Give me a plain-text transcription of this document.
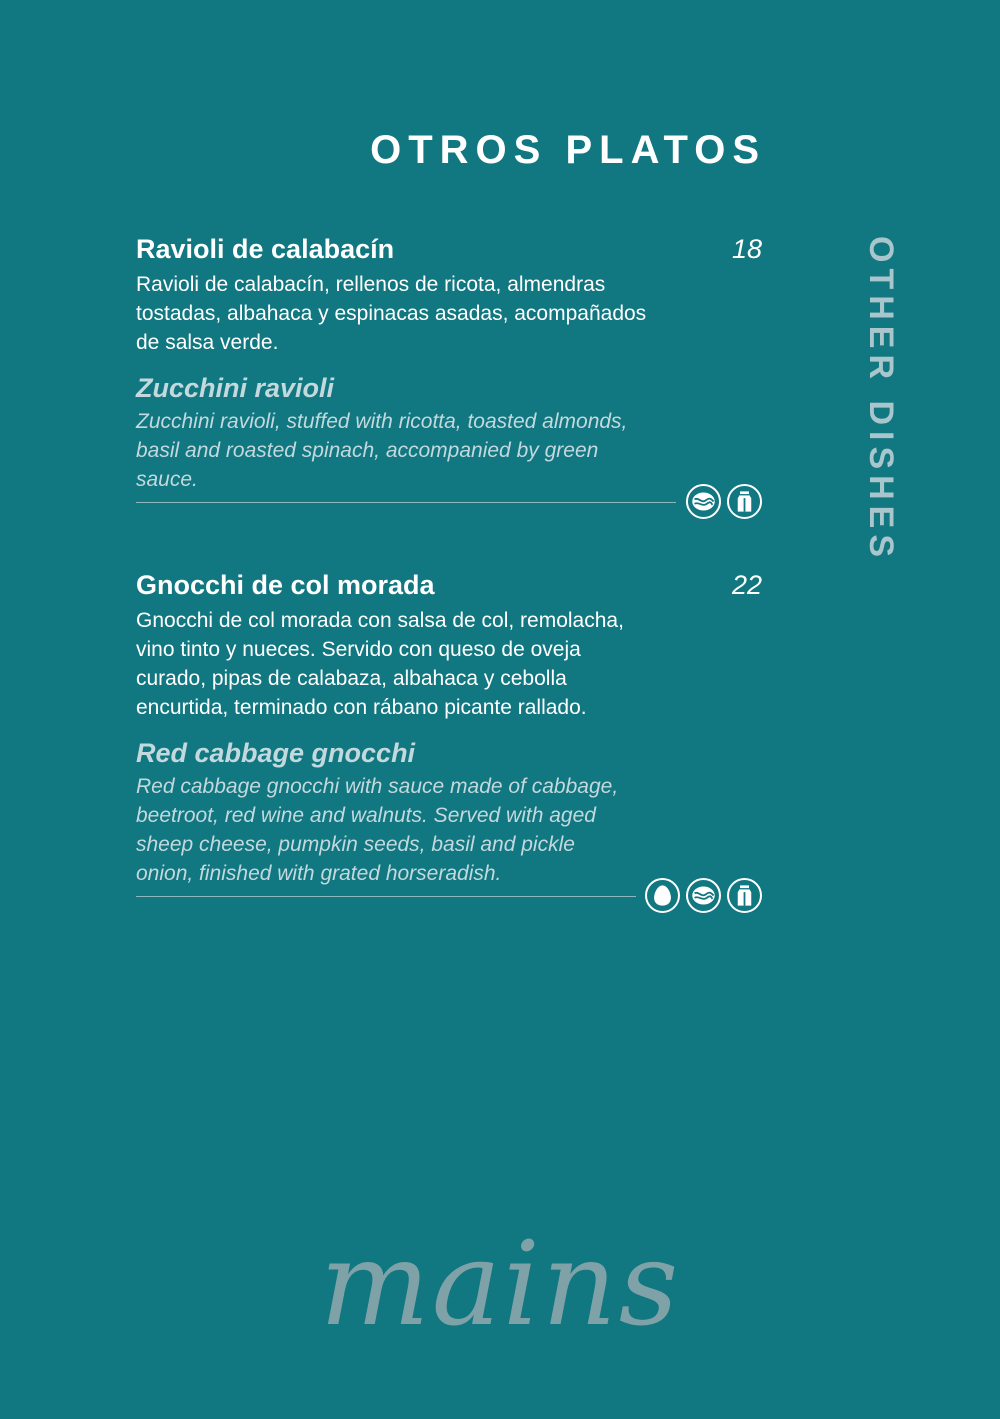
OTROS PLATOS
OTHER DISHES
Ravioli de calabacín	18

Ravioli de calabacín, rellenos de ricota, almendras tostadas, albahaca y espinacas asadas, acompañados de salsa verde.

Zucchini ravioli

Zucchini ravioli, stuffed with ricotta, toasted almonds, basil and roasted spinach, accompanied by green sauce.

Gnocchi de col morada	22

Gnocchi de col morada con salsa de col, remolacha, vino tinto y nueces. Servido con queso de oveja curado, pipas de calabaza, albahaca y cebolla encurtida, terminado con rábano picante rallado.

Red cabbage gnocchi

Red cabbage gnocchi with sauce made of cabbage, beetroot, red wine and walnuts. Served with aged sheep cheese, pumpkin seeds, basil and pickle onion, finished with grated horseradish.

mains
